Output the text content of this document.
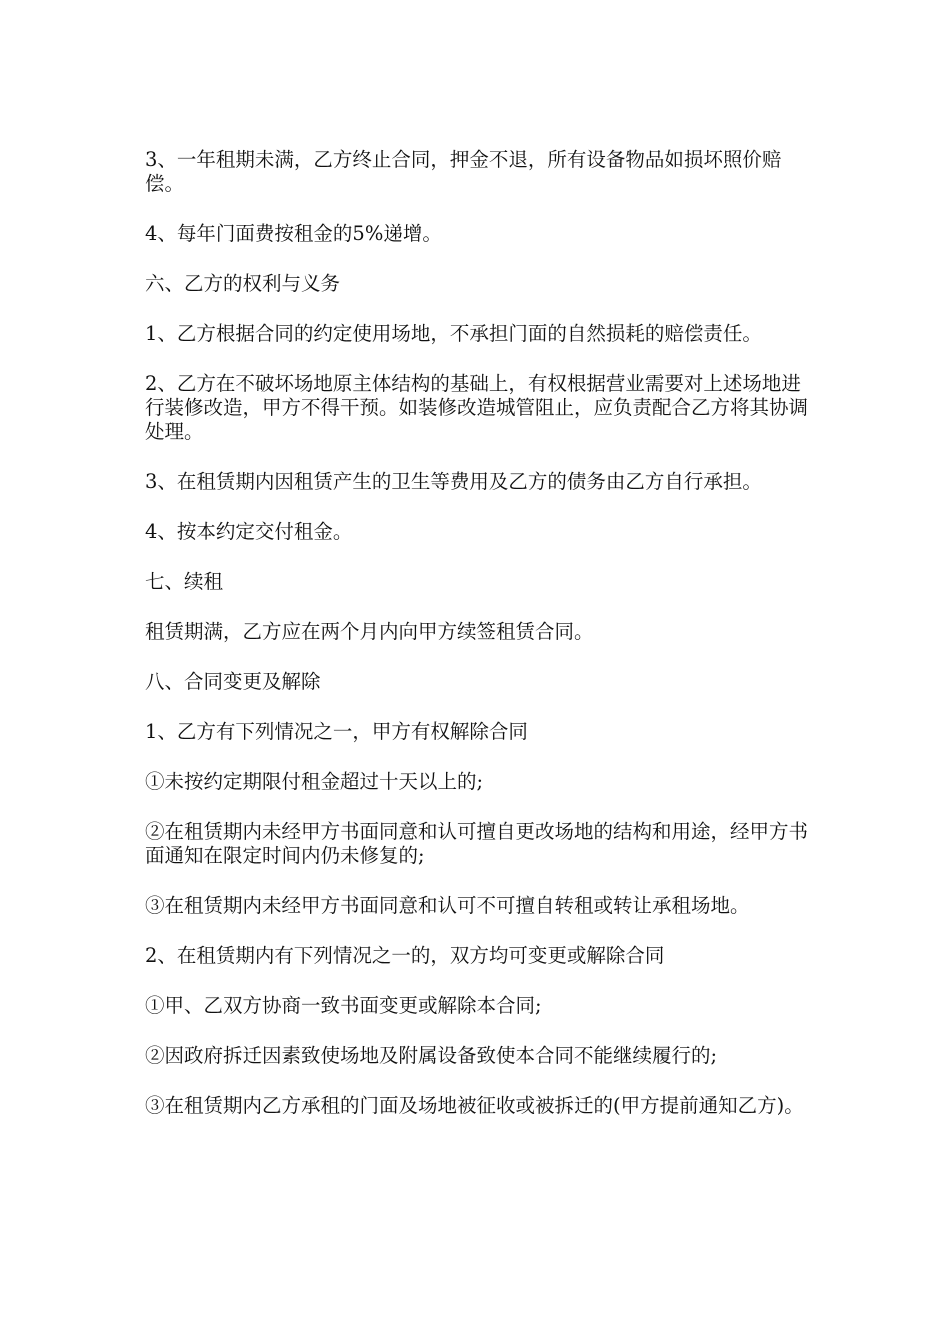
3、一年租期未满，乙方终止合同，押金不退，所有设备物品如损坏照价赔偿。

4、每年门面费按租金的5%递增。

六、乙方的权利与义务

1、乙方根据合同的约定使用场地，不承担门面的自然损耗的赔偿责任。

2、乙方在不破坏场地原主体结构的基础上，有权根据营业需要对上述场地进行装修改造，甲方不得干预。如装修改造城管阻止，应负责配合乙方将其协调处理。

3、在租赁期内因租赁产生的卫生等费用及乙方的债务由乙方自行承担。

4、按本约定交付租金。

七、续租

租赁期满，乙方应在两个月内向甲方续签租赁合同。

八、合同变更及解除

1、乙方有下列情况之一，甲方有权解除合同

①未按约定期限付租金超过十天以上的;

②在租赁期内未经甲方书面同意和认可擅自更改场地的结构和用途，经甲方书面通知在限定时间内仍未修复的;

③在租赁期内未经甲方书面同意和认可不可擅自转租或转让承租场地。

2、在租赁期内有下列情况之一的，双方均可变更或解除合同

①甲、乙双方协商一致书面变更或解除本合同;

②因政府拆迁因素致使场地及附属设备致使本合同不能继续履行的;

③在租赁期内乙方承租的门面及场地被征收或被拆迁的(甲方提前通知乙方)。
